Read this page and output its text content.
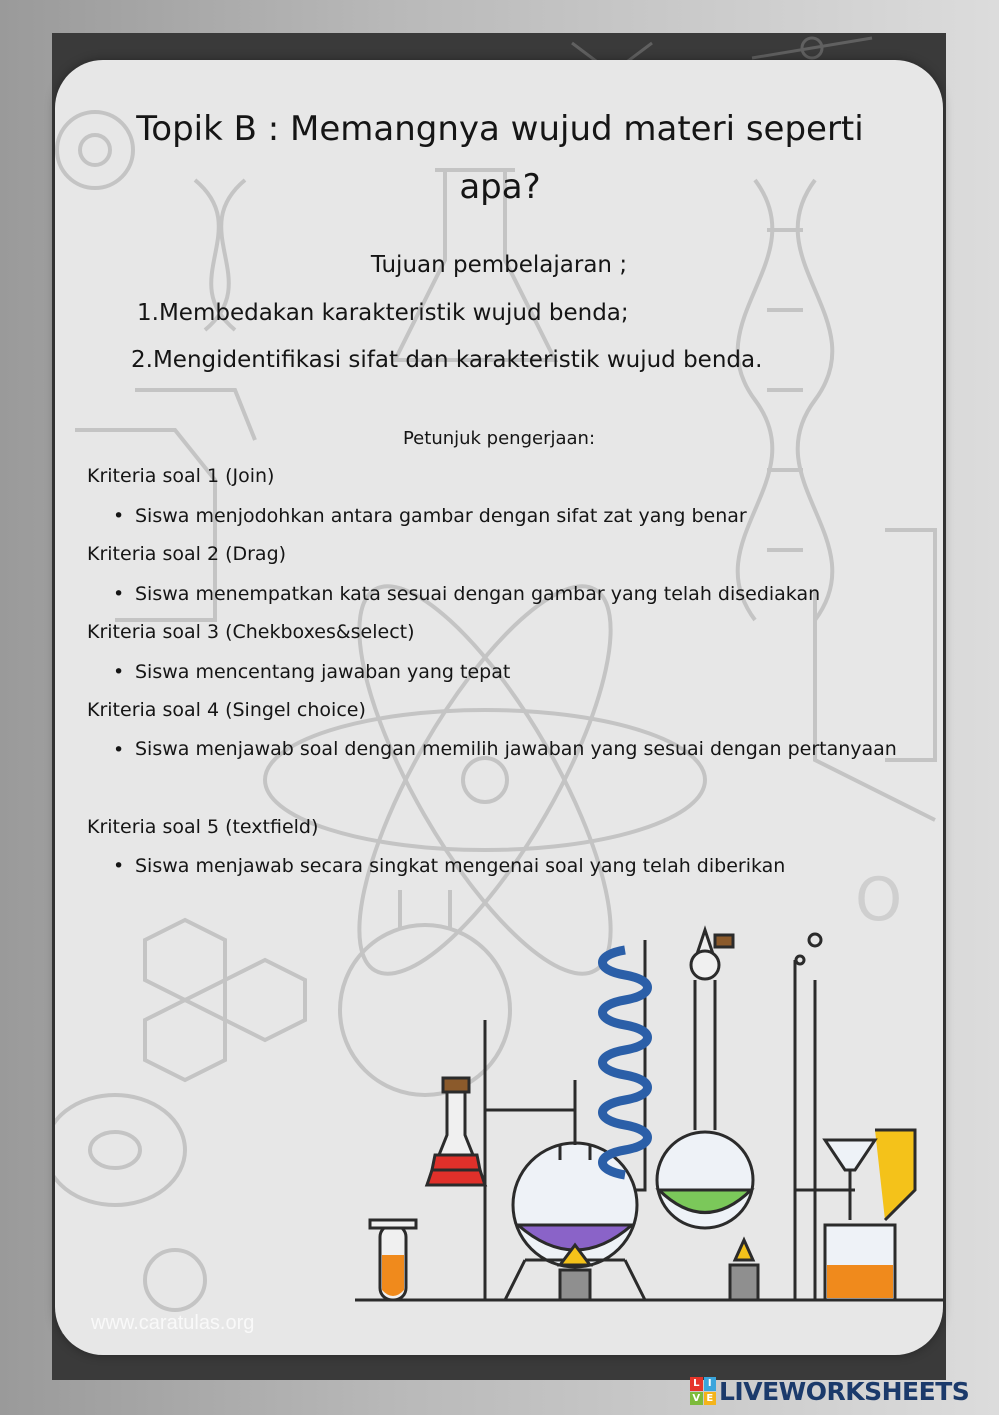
O
Topik B : Memangnya wujud materi seperti apa?
Tujuan pembelajaran ;
1.Membedakan karakteristik wujud benda;
2.Mengidentifikasi sifat dan karakteristik wujud benda.
Petunjuk pengerjaan:
Kriteria soal 1 (Join)
• Siswa menjodohkan antara gambar dengan sifat zat yang benar
Kriteria soal 2 (Drag)
• Siswa menempatkan kata sesuai dengan gambar yang telah disediakan
Kriteria soal 3 (Chekboxes&select)
• Siswa mencentang jawaban yang tepat
Kriteria soal 4 (Singel choice)
• Siswa menjawab soal dengan memilih jawaban yang sesuai dengan pertanyaan
Kriteria soal 5 (textfield)
• Siswa menjawab secara singkat mengenai soal yang telah diberikan
www.caratulas.org
L I
V E LIVEWORKSHEETS
